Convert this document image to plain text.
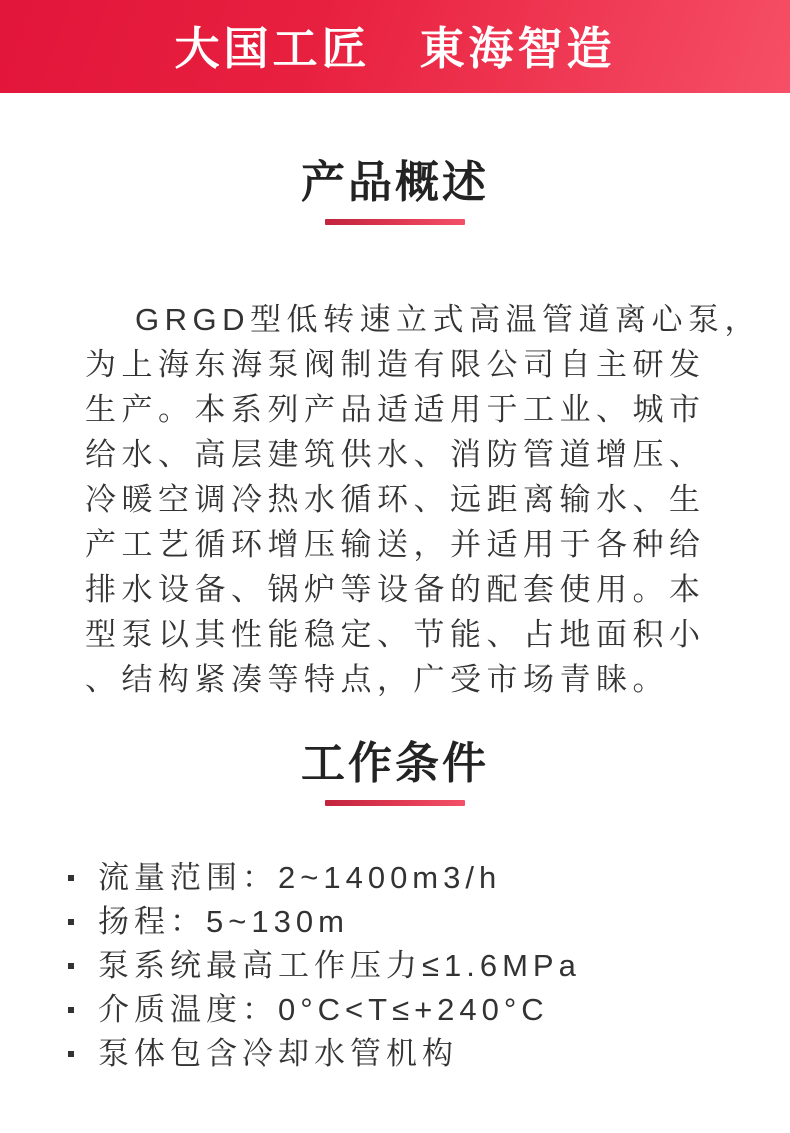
大国工匠　東海智造
产品概述
GRGD型低转速立式高温管道离心泵，
为上海东海泵阀制造有限公司自主研发
生产。本系列产品适适用于工业、城市
给水、高层建筑供水、消防管道增压、
冷暖空调冷热水循环、远距离输水、生
产工艺循环增压输送，并适用于各种给
排水设备、锅炉等设备的配套使用。本
型泵以其性能稳定、节能、占地面积小
、结构紧凑等特点，广受市场青睐。
工作条件
流量范围：2~1400m3/h
扬程：5~130m
泵系统最高工作压力≤1.6MPa
介质温度：0°C<T≤+240°C
泵体包含冷却水管机构
